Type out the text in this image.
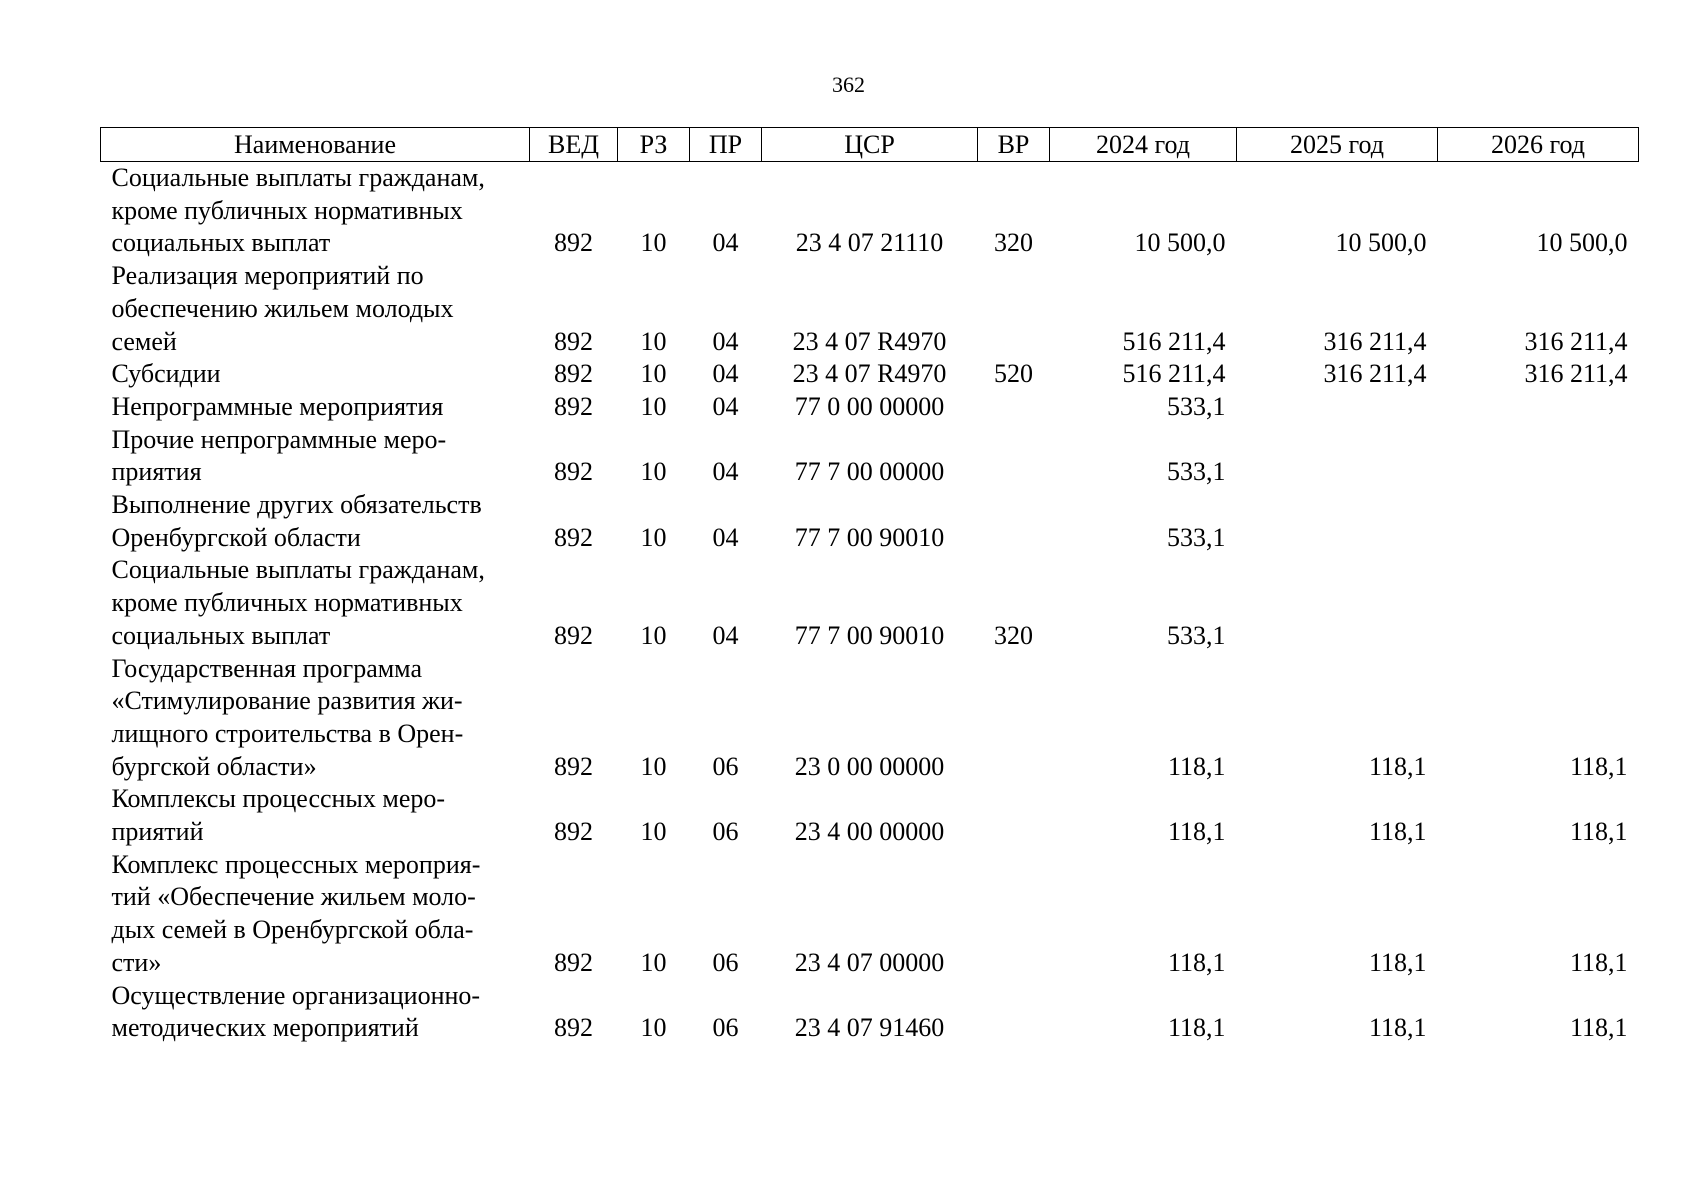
362
Наименование	ВЕД	РЗ	ПР	ЦСР	ВР	2024 год	2025 год	2026 год

Социальные выплаты гражданам,
кроме публичных нормативных
социальных выплат	892	10	04	23 4 07 21110	320	10 500,0	10 500,0	10 500,0

Реализация мероприятий по
обеспечению жильем молодых
семей	892	10	04	23 4 07 R4970		516 211,4	316 211,4	316 211,4

Субсидии	892	10	04	23 4 07 R4970	520	516 211,4	316 211,4	316 211,4

Непрограммные мероприятия	892	10	04	77 0 00 00000		533,1		

Прочие непрограммные меро-
приятия	892	10	04	77 7 00 00000		533,1		

Выполнение других обязательств
Оренбургской области	892	10	04	77 7 00 90010		533,1		

Социальные выплаты гражданам,
кроме публичных нормативных
социальных выплат	892	10	04	77 7 00 90010	320	533,1		

Государственная программа
«Стимулирование развития жи-
лищного строительства в Орен-
бургской области»	892	10	06	23 0 00 00000		118,1	118,1	118,1

Комплексы процессных меро-
приятий	892	10	06	23 4 00 00000		118,1	118,1	118,1

Комплекс процессных мероприя-
тий «Обеспечение жильем моло-
дых семей в Оренбургской обла-
сти»	892	10	06	23 4 07 00000		118,1	118,1	118,1

Осуществление организационно-
методических мероприятий	892	10	06	23 4 07 91460		118,1	118,1	118,1
